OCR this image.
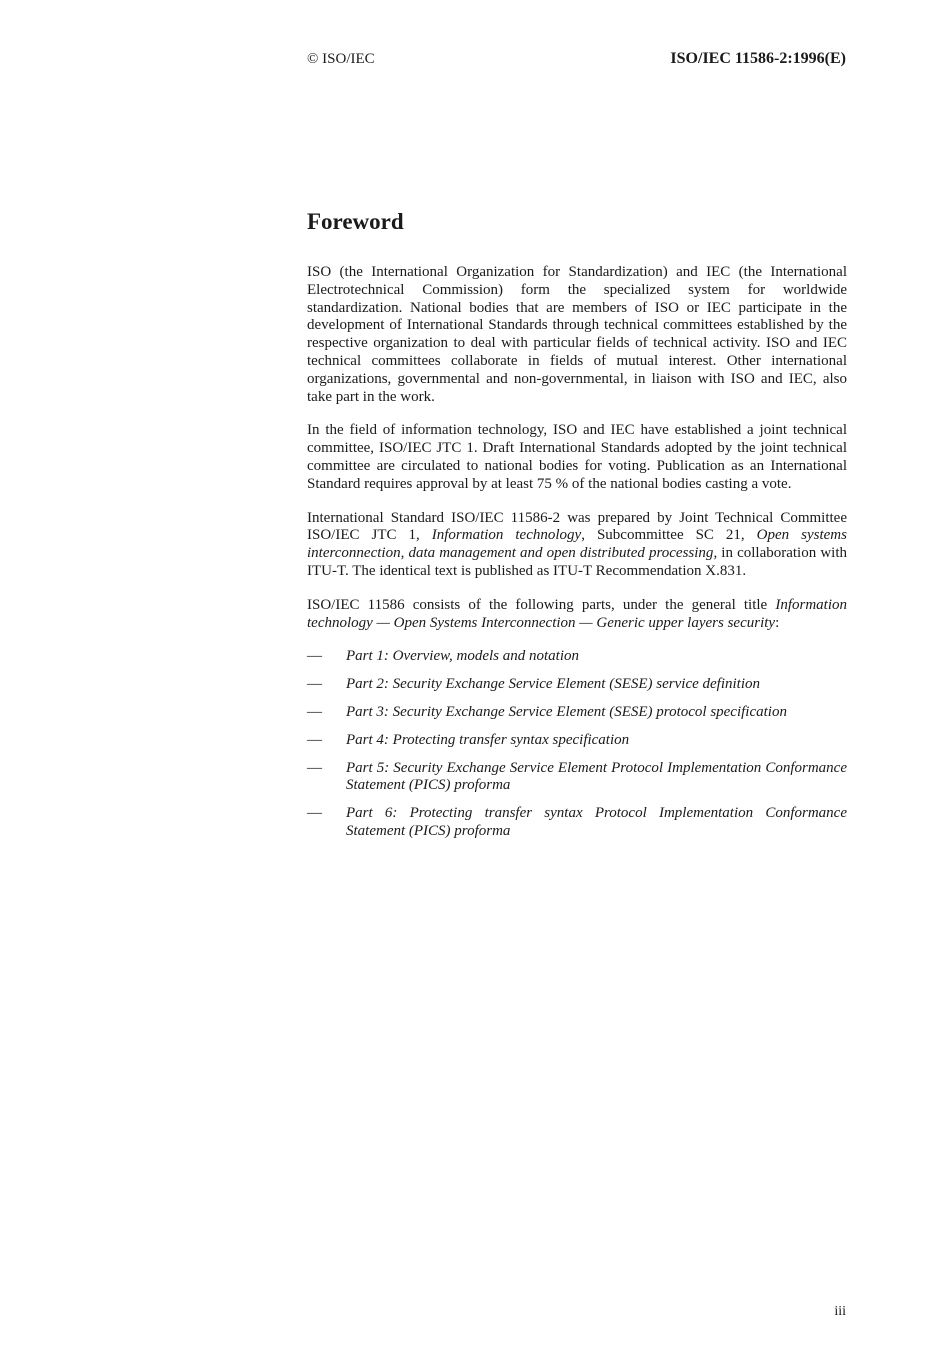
© ISO/IEC	ISO/IEC 11586-2:1996(E)
Foreword

ISO (the International Organization for Standardization) and IEC (the International Electrotechnical Commission) form the specialized system for worldwide standardization. National bodies that are members of ISO or IEC participate in the development of International Standards through technical committees established by the respective organization to deal with particular fields of technical activity. ISO and IEC technical committees collaborate in fields of mutual interest. Other international organizations, governmental and non-governmental, in liaison with ISO and IEC, also take part in the work.

In the field of information technology, ISO and IEC have established a joint technical committee, ISO/IEC JTC 1. Draft International Standards adopted by the joint technical committee are circulated to national bodies for voting. Publication as an International Standard requires approval by at least 75 % of the national bodies casting a vote.

International Standard ISO/IEC 11586-2 was prepared by Joint Technical Committee ISO/IEC JTC 1, Information technology, Subcommittee SC 21, Open systems interconnection, data management and open distributed processing, in collaboration with ITU-T. The identical text is published as ITU-T Recommendation X.831.

ISO/IEC 11586 consists of the following parts, under the general title Information technology — Open Systems Interconnection — Generic upper layers security:

— Part 1: Overview, models and notation
— Part 2: Security Exchange Service Element (SESE) service definition
— Part 3: Security Exchange Service Element (SESE) protocol specification
— Part 4: Protecting transfer syntax specification
— Part 5: Security Exchange Service Element Protocol Implementation Conformance Statement (PICS) proforma
— Part 6: Protecting transfer syntax Protocol Implementation Conformance Statement (PICS) proforma
iii
